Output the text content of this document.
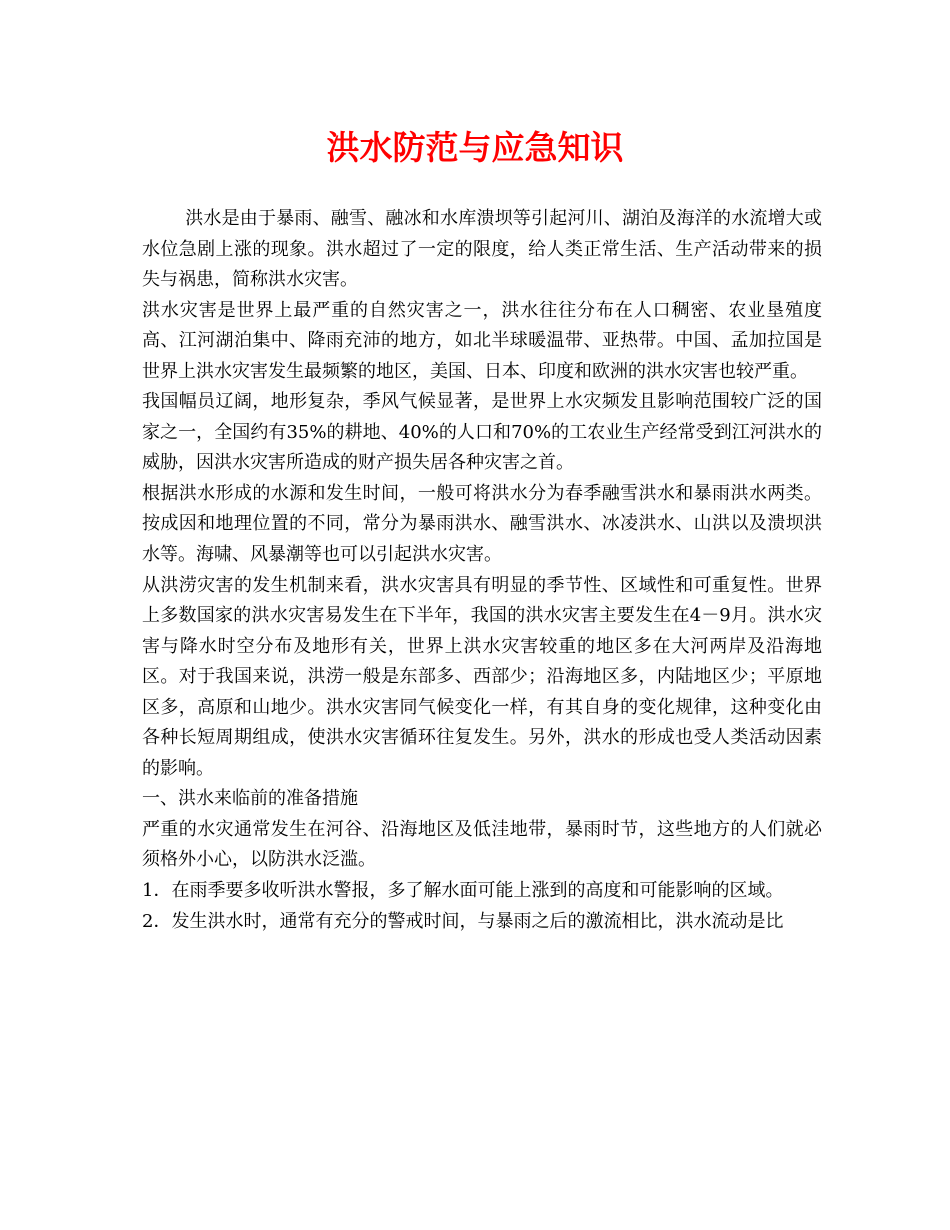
洪水防范与应急知识

洪水是由于暴雨、融雪、融冰和水库溃坝等引起河川、湖泊及海洋的水流增大或水位急剧上涨的现象。洪水超过了一定的限度，给人类正常生活、生产活动带来的损失与祸患，简称洪水灾害。

洪水灾害是世界上最严重的自然灾害之一，洪水往往分布在人口稠密、农业垦殖度高、江河湖泊集中、降雨充沛的地方，如北半球暖温带、亚热带。中国、孟加拉国是世界上洪水灾害发生最频繁的地区，美国、日本、印度和欧洲的洪水灾害也较严重。

我国幅员辽阔，地形复杂，季风气候显著，是世界上水灾频发且影响范围较广泛的国家之一，全国约有35%的耕地、40%的人口和70%的工农业生产经常受到江河洪水的威胁，因洪水灾害所造成的财产损失居各种灾害之首。

根据洪水形成的水源和发生时间，一般可将洪水分为春季融雪洪水和暴雨洪水两类。按成因和地理位置的不同，常分为暴雨洪水、融雪洪水、冰凌洪水、山洪以及溃坝洪水等。海啸、风暴潮等也可以引起洪水灾害。

从洪涝灾害的发生机制来看，洪水灾害具有明显的季节性、区域性和可重复性。世界上多数国家的洪水灾害易发生在下半年，我国的洪水灾害主要发生在4－9月。洪水灾害与降水时空分布及地形有关，世界上洪水灾害较重的地区多在大河两岸及沿海地区。对于我国来说，洪涝一般是东部多、西部少；沿海地区多，内陆地区少；平原地区多，高原和山地少。洪水灾害同气候变化一样，有其自身的变化规律，这种变化由各种长短周期组成，使洪水灾害循环往复发生。另外，洪水的形成也受人类活动因素的影响。

一、洪水来临前的准备措施

严重的水灾通常发生在河谷、沿海地区及低洼地带，暴雨时节，这些地方的人们就必须格外小心，以防洪水泛滥。

1．在雨季要多收听洪水警报，多了解水面可能上涨到的高度和可能影响的区域。

2．发生洪水时，通常有充分的警戒时间，与暴雨之后的激流相比，洪水流动是比
